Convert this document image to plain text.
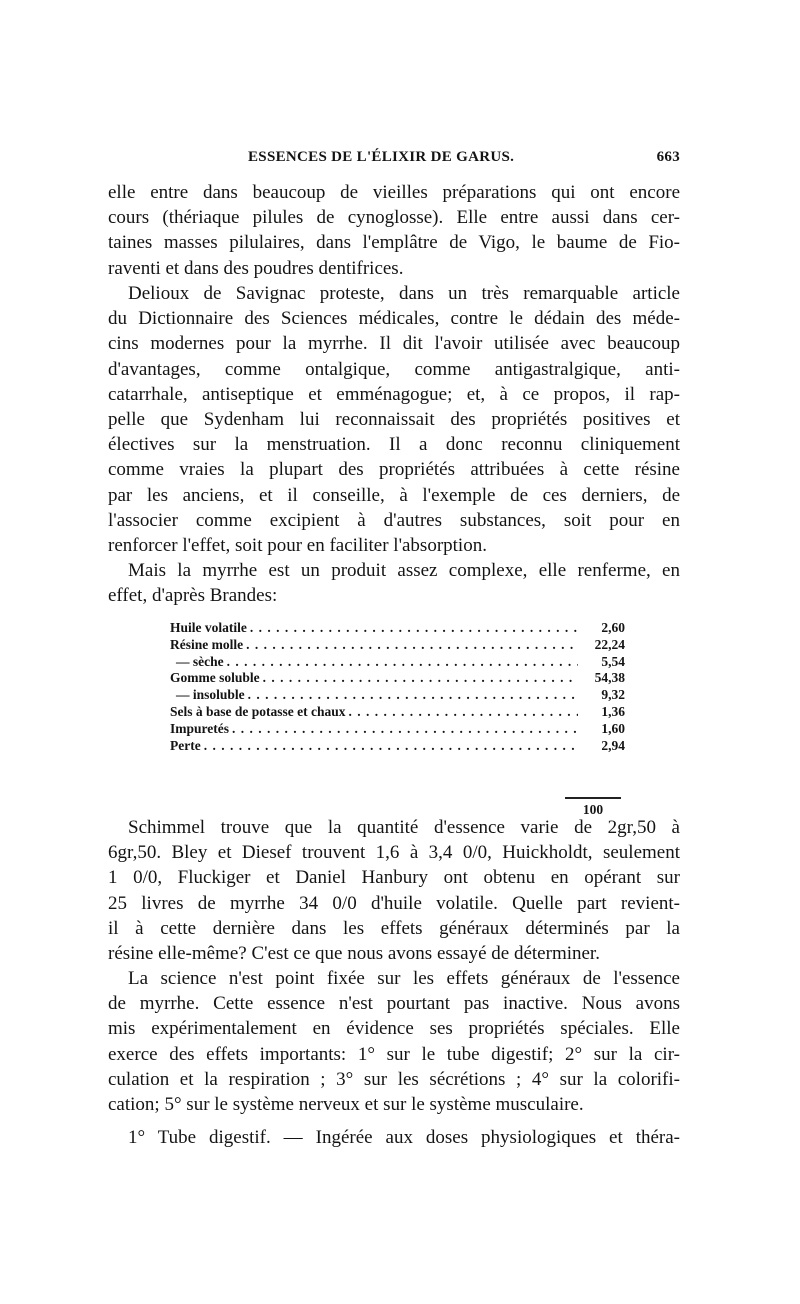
ESSENCES DE L'ÉLIXIR DE GARUS.	663
elle entre dans beaucoup de vieilles préparations qui ont encore
cours (thériaque pilules de cynoglosse). Elle entre aussi dans cer-
taines masses pilulaires, dans l'emplâtre de Vigo, le baume de Fio-
raventi et dans des poudres dentifrices.
Delioux de Savignac proteste, dans un très remarquable article
du Dictionnaire des Sciences médicales, contre le dédain des méde-
cins modernes pour la myrrhe. Il dit l'avoir utilisée avec beaucoup
d'avantages, comme ontalgique, comme antigastralgique, anti-
catarrhale, antiseptique et emménagogue; et, à ce propos, il rap-
pelle que Sydenham lui reconnaissait des propriétés positives et
électives sur la menstruation. Il a donc reconnu cliniquement
comme vraies la plupart des propriétés attribuées à cette résine
par les anciens, et il conseille, à l'exemple de ces derniers, de
l'associer comme excipient à d'autres substances, soit pour en
renforcer l'effet, soit pour en faciliter l'absorption.
Mais la myrrhe est un produit assez complexe, elle renferme, en
effet, d'après Brandes:
Huile volatile . . .	2,60
Résine molle . . .	22,24
— sèche . . .	5,54
Gomme soluble . . .	54,38
— insoluble . . .	9,32
Sels à base de potasse et chaux . . .	1,36
Impuretés . . .	1,60
Perte . . .	2,94
100
Schimmel trouve que la quantité d'essence varie de 2gr,50 à
6gr,50. Bley et Diesef trouvent 1,6 à 3,4 0/0, Huickholdt, seulement
1 0/0, Fluckiger et Daniel Hanbury ont obtenu en opérant sur
25 livres de myrrhe 34 0/0 d'huile volatile. Quelle part revient-
il à cette dernière dans les effets généraux déterminés par la
résine elle-même? C'est ce que nous avons essayé de déterminer.
La science n'est point fixée sur les effets généraux de l'essence
de myrrhe. Cette essence n'est pourtant pas inactive. Nous avons
mis expérimentalement en évidence ses propriétés spéciales. Elle
exerce des effets importants: 1° sur le tube digestif; 2° sur la cir-
culation et la respiration ; 3° sur les sécrétions ; 4° sur la colorifi-
cation; 5° sur le système nerveux et sur le système musculaire.
1° Tube digestif. — Ingérée aux doses physiologiques et théra-
